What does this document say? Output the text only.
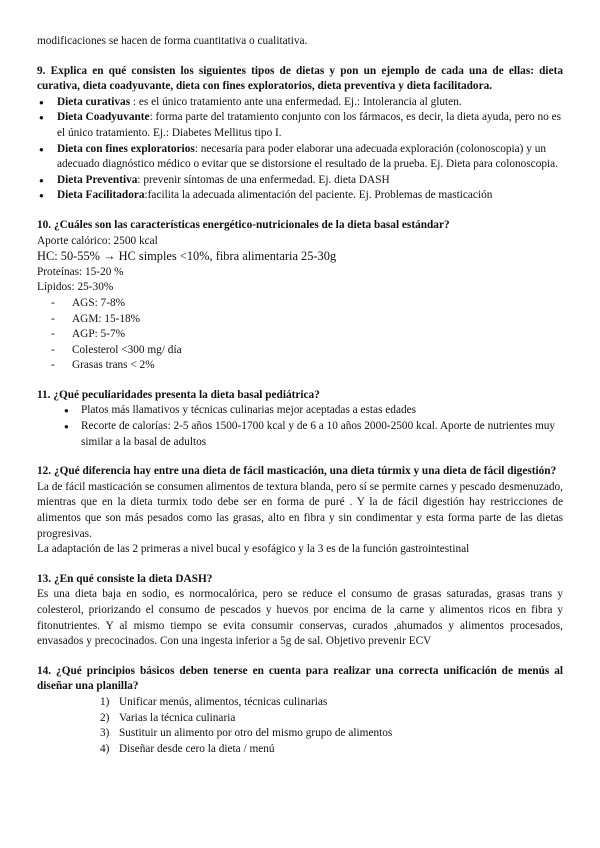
modificaciones se hacen de forma cuantitativa o cualitativa.

9. Explica en qué consisten los siguientes tipos de dietas y pon un ejemplo de cada una de ellas: dieta curativa, dieta coadyuvante, dieta con fines exploratorios, dieta preventiva y dieta facilitadora.

● Dieta curativas : es el único tratamiento ante una enfermedad. Ej.: Intolerancia al gluten.
● Dieta Coadyuvante: forma parte del tratamiento conjunto con los fármacos, es decir, la dieta ayuda, pero no es el único tratamiento. Ej.: Diabetes Mellitus tipo I.
● Dieta con fines exploratorios: necesaria para poder elaborar una adecuada exploración (colonoscopia) y un adecuado diagnóstico médico o evitar que se distorsione el resultado de la prueba. Ej. Dieta para colonoscopia.
● Dieta Preventiva: prevenir síntomas de una enfermedad. Ej. dieta DASH
● Dieta Facilitadora:facilita la adecuada alimentación del paciente. Ej. Problemas de masticación

10. ¿Cuáles son las características energético-nutricionales de la dieta basal estándar?

Aporte calórico: 2500 kcal

HC: 50-55% → HC simples <10%, fibra alimentaria 25-30g

Proteínas: 15-20 %

Lípidos: 25-30%

- AGS: 7-8%
- AGM: 15-18%
- AGP: 5-7%
- Colesterol <300 mg/ día
- Grasas trans < 2%

11. ¿Qué peculiaridades presenta la dieta basal pediátrica?

● Platos más llamativos y técnicas culinarias mejor aceptadas a estas edades
● Recorte de calorías: 2-5 años 1500-1700 kcal y de 6 a 10 años 2000-2500 kcal. Aporte de nutrientes muy similar a la basal de adultos

12. ¿Qué diferencia hay entre una dieta de fácil masticación, una dieta túrmix y una dieta de fácil digestión?

La de fácil masticación se consumen alimentos de textura blanda, pero sí se permite carnes y pescado desmenuzado, mientras que en la dieta turmix todo debe ser en forma de puré . Y la de fácil digestión hay restricciones de alimentos que son más pesados como las grasas, alto en fibra y sin condimentar y esta forma parte de las dietas progresivas.

La adaptación de las 2 primeras a nivel bucal y esofágico y la 3 es de la función gastrointestinal

13. ¿En qué consiste la dieta DASH?

Es una dieta baja en sodio, es normocalórica, pero se reduce el consumo de grasas saturadas, grasas trans y colesterol, priorizando el consumo de pescados y huevos por encima de la carne y alimentos ricos en fibra y fitonutrientes. Y al mismo tiempo se evita consumir conservas, curados ,ahumados y alimentos procesados, envasados y precocinados. Con una ingesta inferior a 5g de sal. Objetivo prevenir ECV

14. ¿Qué principios básicos deben tenerse en cuenta para realizar una correcta unificación de menús al diseñar una planilla?

1) Unificar menús, alimentos, técnicas culinarias
2) Varias la técnica culinaria
3) Sustituir un alimento por otro del mismo grupo de alimentos
4) Diseñar desde cero la dieta / menú
